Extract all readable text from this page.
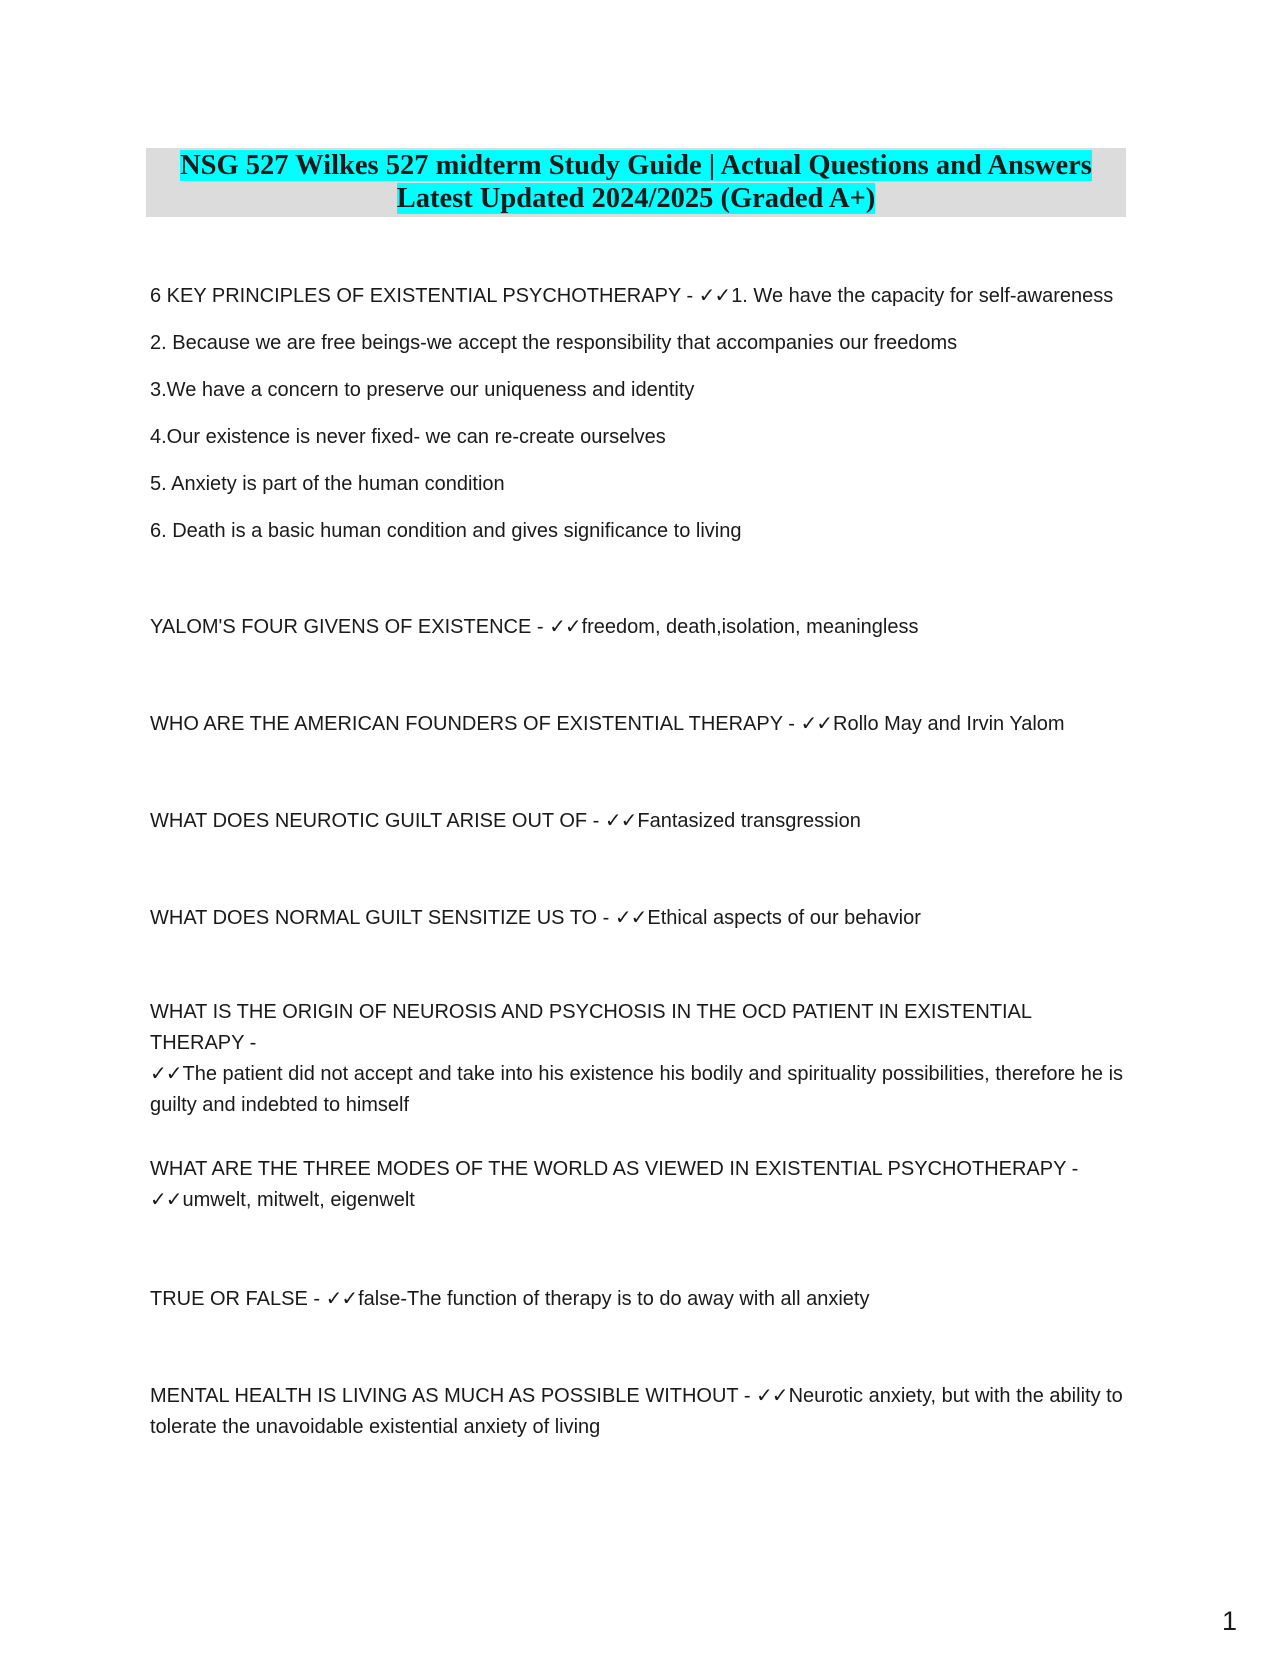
NSG 527 Wilkes 527 midterm Study Guide | Actual Questions and Answers
Latest Updated 2024/2025 (Graded A+)
6 KEY PRINCIPLES OF EXISTENTIAL PSYCHOTHERAPY - ✓✓1. We have the capacity for self-awareness
2. Because we are free beings-we accept the responsibility that accompanies our freedoms
3.We have a concern to preserve our uniqueness and identity
4.Our existence is never fixed- we can re-create ourselves
5. Anxiety is part of the human condition
6. Death is a basic human condition and gives significance to living
YALOM'S FOUR GIVENS OF EXISTENCE - ✓✓freedom, death,isolation, meaningless
WHO ARE THE AMERICAN FOUNDERS OF EXISTENTIAL THERAPY - ✓✓Rollo May and Irvin Yalom
WHAT DOES NEUROTIC GUILT ARISE OUT OF - ✓✓Fantasized transgression
WHAT DOES NORMAL GUILT SENSITIZE US TO - ✓✓Ethical aspects of our behavior
WHAT IS THE ORIGIN OF NEUROSIS AND PSYCHOSIS IN THE OCD PATIENT IN EXISTENTIAL THERAPY -
✓✓The patient did not accept and take into his existence his bodily and spirituality possibilities, therefore he is guilty and indebted to himself
WHAT ARE THE THREE MODES OF THE WORLD AS VIEWED IN EXISTENTIAL PSYCHOTHERAPY -
✓✓umwelt, mitwelt, eigenwelt
TRUE OR FALSE - ✓✓false-The function of therapy is to do away with all anxiety
MENTAL HEALTH IS LIVING AS MUCH AS POSSIBLE WITHOUT - ✓✓Neurotic anxiety, but with the ability to tolerate the unavoidable existential anxiety of living
1
